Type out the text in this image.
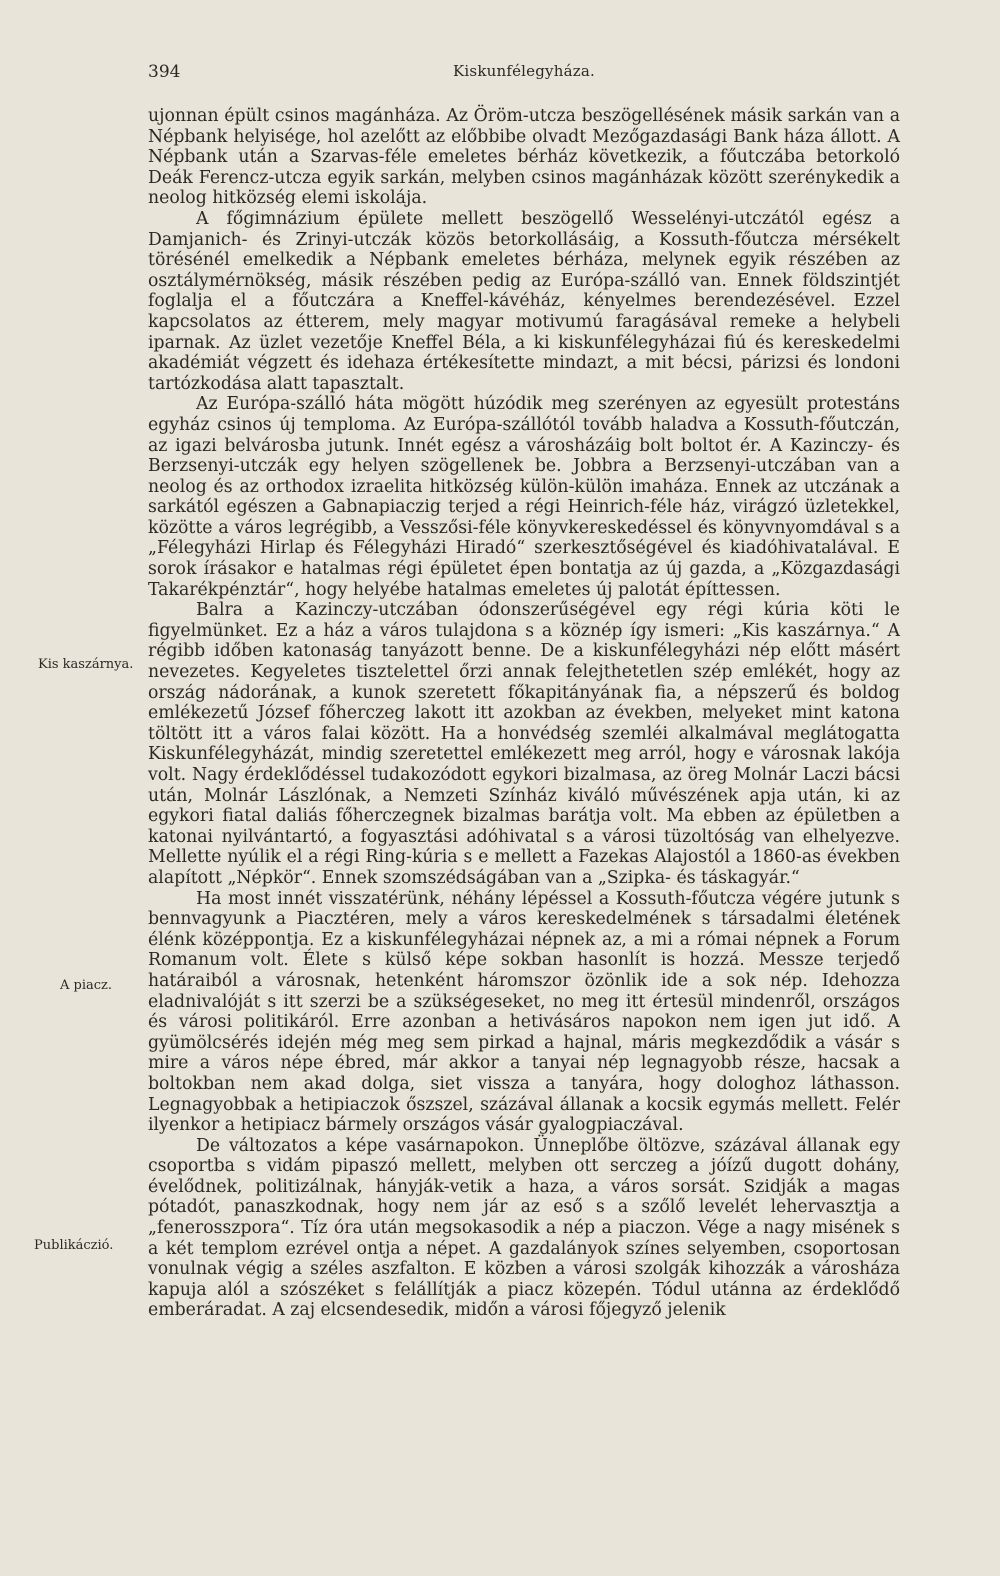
394	Kiskunfélegyháza.
Kis kaszárnya.
A piacz.
Publikáczió.

ujonnan épült csinos magánháza. Az Öröm-utcza beszögellésének másik sarkán van a Népbank helyisége, hol azelőtt az előbbibe olvadt Mezőgazdasági Bank háza állott. A Népbank után a Szarvas-féle emeletes bérház következik, a főutczába betorkoló Deák Ferencz-utcza egyik sarkán, melyben csinos magánházak között szerénykedik a neolog hitközség elemi iskolája.

A főgimnázium épülete mellett beszögellő Wesselényi-utczától egész a Damjanich- és Zrinyi-utczák közös betorkollásáig, a Kossuth-főutcza mérsékelt törésénél emelkedik a Népbank emeletes bérháza, melynek egyik részében az osztálymérnökség, másik részében pedig az Európa-szálló van. Ennek földszintjét foglalja el a főutczára a Kneffel-kávéház, kényelmes berendezésével. Ezzel kapcsolatos az étterem, mely magyar motivumú faragásával remeke a helybeli iparnak. Az üzlet vezetője Kneffel Béla, a ki kiskunfélegyházai fiú és kereskedelmi akadémiát végzett és idehaza értékesítette mindazt, a mit bécsi, párizsi és londoni tartózkodása alatt tapasztalt.

Az Európa-szálló háta mögött húzódik meg szerényen az egyesült protestáns egyház csinos új temploma. Az Európa-szállótól tovább haladva a Kossuth-főutczán, az igazi belvárosba jutunk. Innét egész a városházáig bolt boltot ér. A Kazinczy- és Berzsenyi-utczák egy helyen szögellenek be. Jobbra a Berzsenyi-utczában van a neolog és az orthodox izraelita hitközség külön-külön imaháza. Ennek az utczának a sarkától egészen a Gabnapiaczig terjed a régi Heinrich-féle ház, virágzó üzletekkel, közötte a város legrégibb, a Vesszősi-féle könyvkereskedéssel és könyvnyomdával s a „Félegyházi Hirlap és Félegyházi Hiradó“ szerkesztőségével és kiadóhivatalával. E sorok írásakor e hatalmas régi épületet épen bontatja az új gazda, a „Közgazdasági Takarékpénztár“, hogy helyébe hatalmas emeletes új palotát építtessen.

Balra a Kazinczy-utczában ódonszerűségével egy régi kúria köti le figyelmünket. Ez a ház a város tulajdona s a köznép így ismeri: „Kis kaszárnya.“ A régibb időben katonaság tanyázott benne. De a kiskunfélegyházi nép előtt másért nevezetes. Kegyeletes tisztelettel őrzi annak felejthetetlen szép emlékét, hogy az ország nádorának, a kunok szeretett főkapitányának fia, a népszerű és boldog emlékezetű József főherczeg lakott itt azokban az években, melyeket mint katona töltött itt a város falai között. Ha a honvédség szemléi alkalmával meglátogatta Kiskunfélegyházát, mindig szeretettel emlékezett meg arról, hogy e városnak lakója volt. Nagy érdeklődéssel tudakozódott egykori bizalmasa, az öreg Molnár Laczi bácsi után, Molnár Lászlónak, a Nemzeti Színház kiváló művészének apja után, ki az egykori fiatal daliás főherczegnek bizalmas barátja volt. Ma ebben az épületben a katonai nyilvántartó, a fogyasztási adóhivatal s a városi tüzoltóság van elhelyezve. Mellette nyúlik el a régi Ring-kúria s e mellett a Fazekas Alajostól a 1860-as években alapított „Népkör“. Ennek szomszédságában van a „Szipka- és táskagyár.“

Ha most innét visszatérünk, néhány lépéssel a Kossuth-főutcza végére jutunk s bennvagyunk a Piacztéren, mely a város kereskedelmének s társadalmi életének élénk középpontja. Ez a kiskunfélegyházai népnek az, a mi a római népnek a Forum Romanum volt. Élete s külső képe sokban hasonlít is hozzá. Messze terjedő határaiból a városnak, hetenként háromszor özönlik ide a sok nép. Idehozza eladnivalóját s itt szerzi be a szükségeseket, no meg itt értesül mindenről, országos és városi politikáról. Erre azonban a hetivásáros napokon nem igen jut idő. A gyümölcsérés idején még meg sem pirkad a hajnal, máris megkezdődik a vásár s mire a város népe ébred, már akkor a tanyai nép legnagyobb része, hacsak a boltokban nem akad dolga, siet vissza a tanyára, hogy dologhoz láthasson. Legnagyobbak a hetipiaczok őszszel, százával állanak a kocsik egymás mellett. Felér ilyenkor a hetipiacz bármely országos vásár gyalogpiaczával.

De változatos a képe vasárnapokon. Ünneplőbe öltözve, százával állanak egy csoportba s vidám pipaszó mellett, melyben ott serczeg a jóízű dugott dohány, évelődnek, politizálnak, hányják-vetik a haza, a város sorsát. Szidják a magas pótadót, panaszkodnak, hogy nem jár az eső s a szőlő levelét lehervasztja a „fenerosszpora“. Tíz óra után megsokasodik a nép a piaczon. Vége a nagy misének s a két templom ezrével ontja a népet. A gazdalányok színes selyemben, csoportosan vonulnak végig a széles aszfalton. E közben a városi szolgák kihozzák a városháza kapuja alól a szószéket s felállítják a piacz közepén. Tódul utánna az érdeklődő emberáradat. A zaj elcsendesedik, midőn a városi főjegyző jelenik
